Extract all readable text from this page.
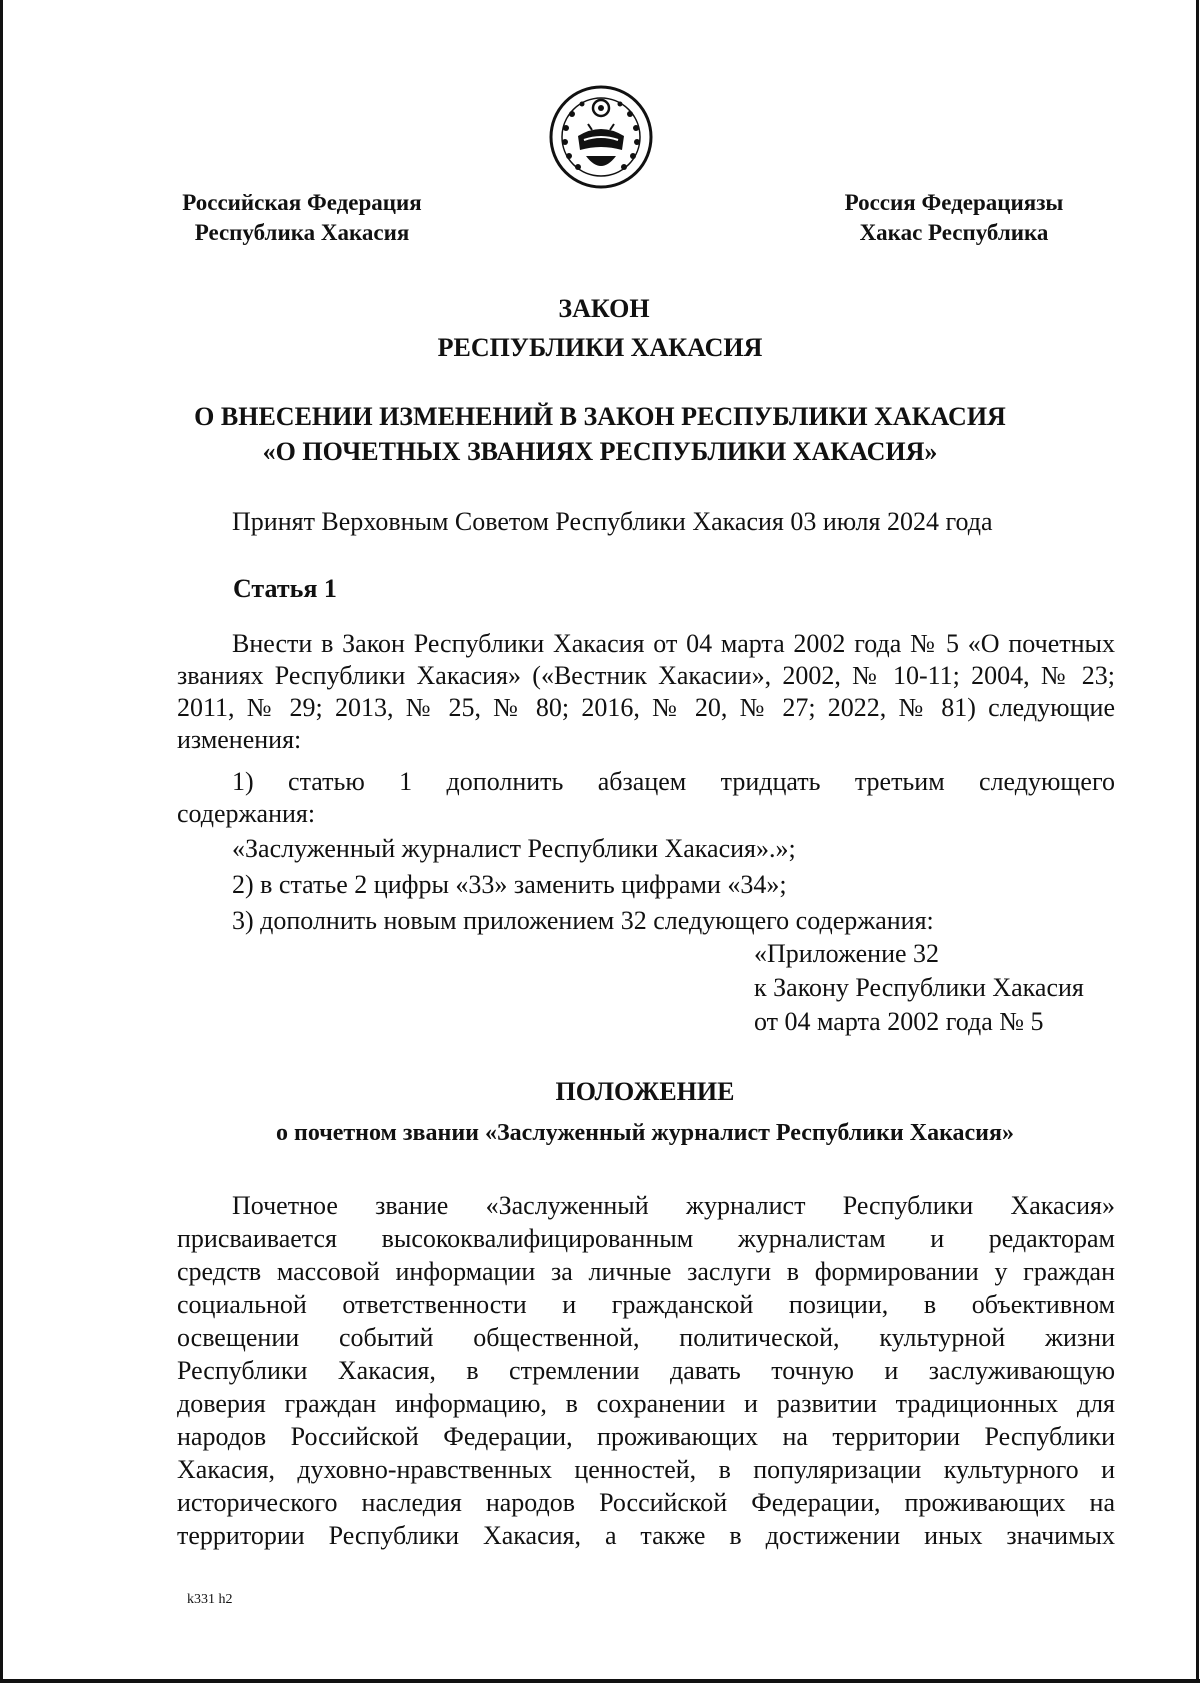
Российская Федерация
Республика Хакасия
Россия Федерациязы
Хакас Республика
ЗАКОН
РЕСПУБЛИКИ ХАКАСИЯ
О ВНЕСЕНИИ ИЗМЕНЕНИЙ В ЗАКОН РЕСПУБЛИКИ ХАКАСИЯ
«О ПОЧЕТНЫХ ЗВАНИЯХ РЕСПУБЛИКИ ХАКАСИЯ»
Принят Верховным Советом Республики Хакасия 03 июля 2024 года
Статья 1
Внести в Закон Республики Хакасия от 04 марта 2002 года № 5 «О почетных
званиях Республики Хакасия» («Вестник Хакасии», 2002, № 10-11; 2004, № 23;
2011, № 29; 2013, № 25, № 80; 2016, № 20, № 27; 2022, № 81) следующие
изменения:
1) статью 1 дополнить абзацем тридцать третьим следующего
содержания:
«Заслуженный журналист Республики Хакасия».»;
2) в статье 2 цифры «33» заменить цифрами «34»;
3) дополнить новым приложением 32 следующего содержания:
«Приложение 32
к Закону Республики Хакасия
от 04 марта 2002 года № 5
ПОЛОЖЕНИЕ
о почетном звании «Заслуженный журналист Республики Хакасия»
Почетное звание «Заслуженный журналист Республики Хакасия»
присваивается высококвалифицированным журналистам и редакторам
средств массовой информации за личные заслуги в формировании у граждан
социальной ответственности и гражданской позиции, в объективном
освещении событий общественной, политической, культурной жизни
Республики Хакасия, в стремлении давать точную и заслуживающую
доверия граждан информацию, в сохранении и развитии традиционных для
народов Российской Федерации, проживающих на территории Республики
Хакасия, духовно-нравственных ценностей, в популяризации культурного и
исторического наследия народов Российской Федерации, проживающих на
территории Республики Хакасия, а также в достижении иных значимых
k331 h2
